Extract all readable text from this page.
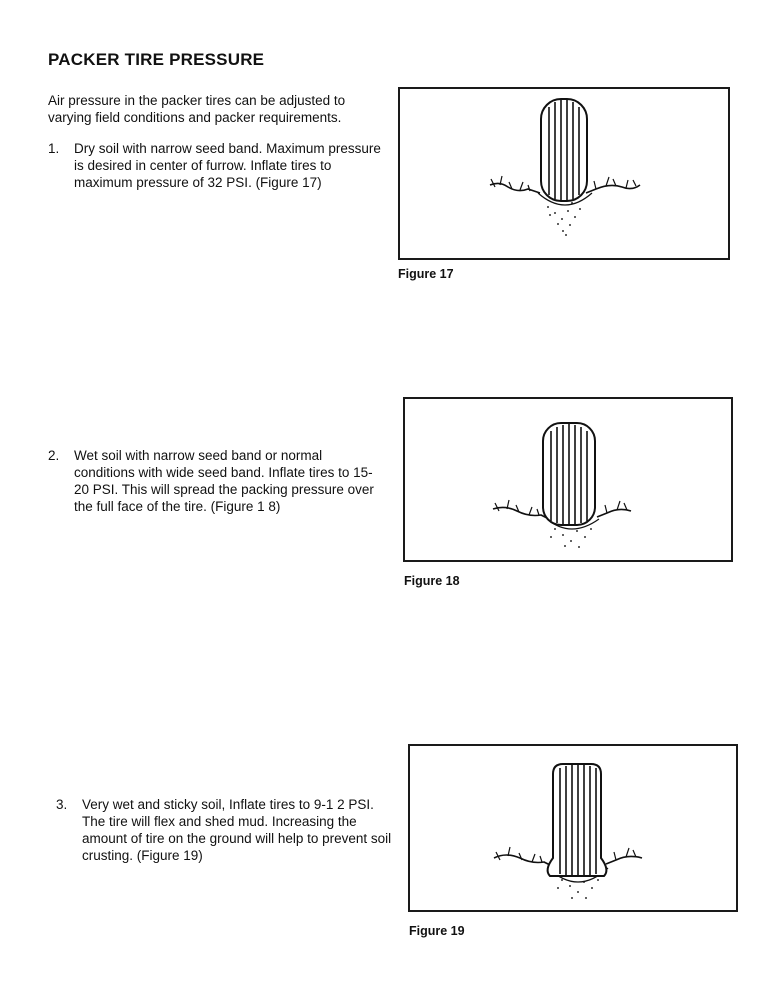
PACKER TIRE PRESSURE
Air pressure in the packer tires can be adjusted to varying field conditions and packer requirements.
1. Dry soil with narrow seed band. Maximum pressure is desired in center of furrow. Inflate tires to maximum pressure of 32 PSI. (Figure 17)
2. Wet soil with narrow seed band or normal conditions with wide seed band. Inflate tires to 15-20 PSI. This will spread the packing pressure over the full face of the tire. (Figure 1 8)
3. Very wet and sticky soil, Inflate tires to 9-1 2 PSI. The tire will flex and shed mud. Increasing the amount of tire on the ground will help to prevent soil crusting. (Figure 19)
Figure 17
Figure 18
Figure 19
